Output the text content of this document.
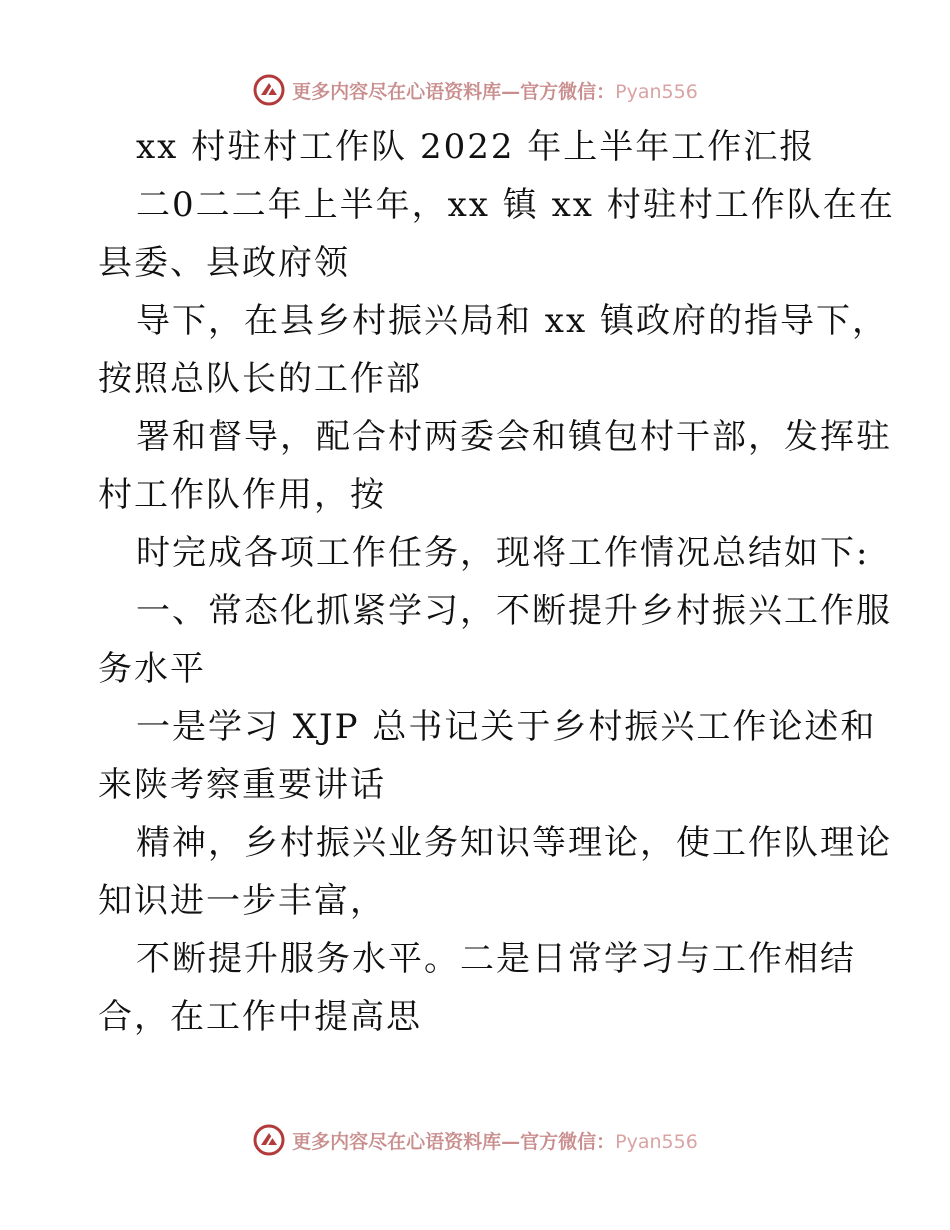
更多内容尽在心语资料库—官方微信：Pyan556
xx 村驻村工作队 2022 年上半年工作汇报
二0二二年上半年，xx 镇 xx 村驻村工作队在在
县委、县政府领
导下，在县乡村振兴局和 xx 镇政府的指导下，
按照总队长的工作部
署和督导，配合村两委会和镇包村干部，发挥驻
村工作队作用，按
时完成各项工作任务，现将工作情况总结如下:
一、常态化抓紧学习，不断提升乡村振兴工作服
务水平
一是学习 XJP 总书记关于乡村振兴工作论述和
来陕考察重要讲话
精神，乡村振兴业务知识等理论，使工作队理论
知识进一步丰富，
不断提升服务水平。二是日常学习与工作相结
合，在工作中提高思
更多内容尽在心语资料库—官方微信：Pyan556
